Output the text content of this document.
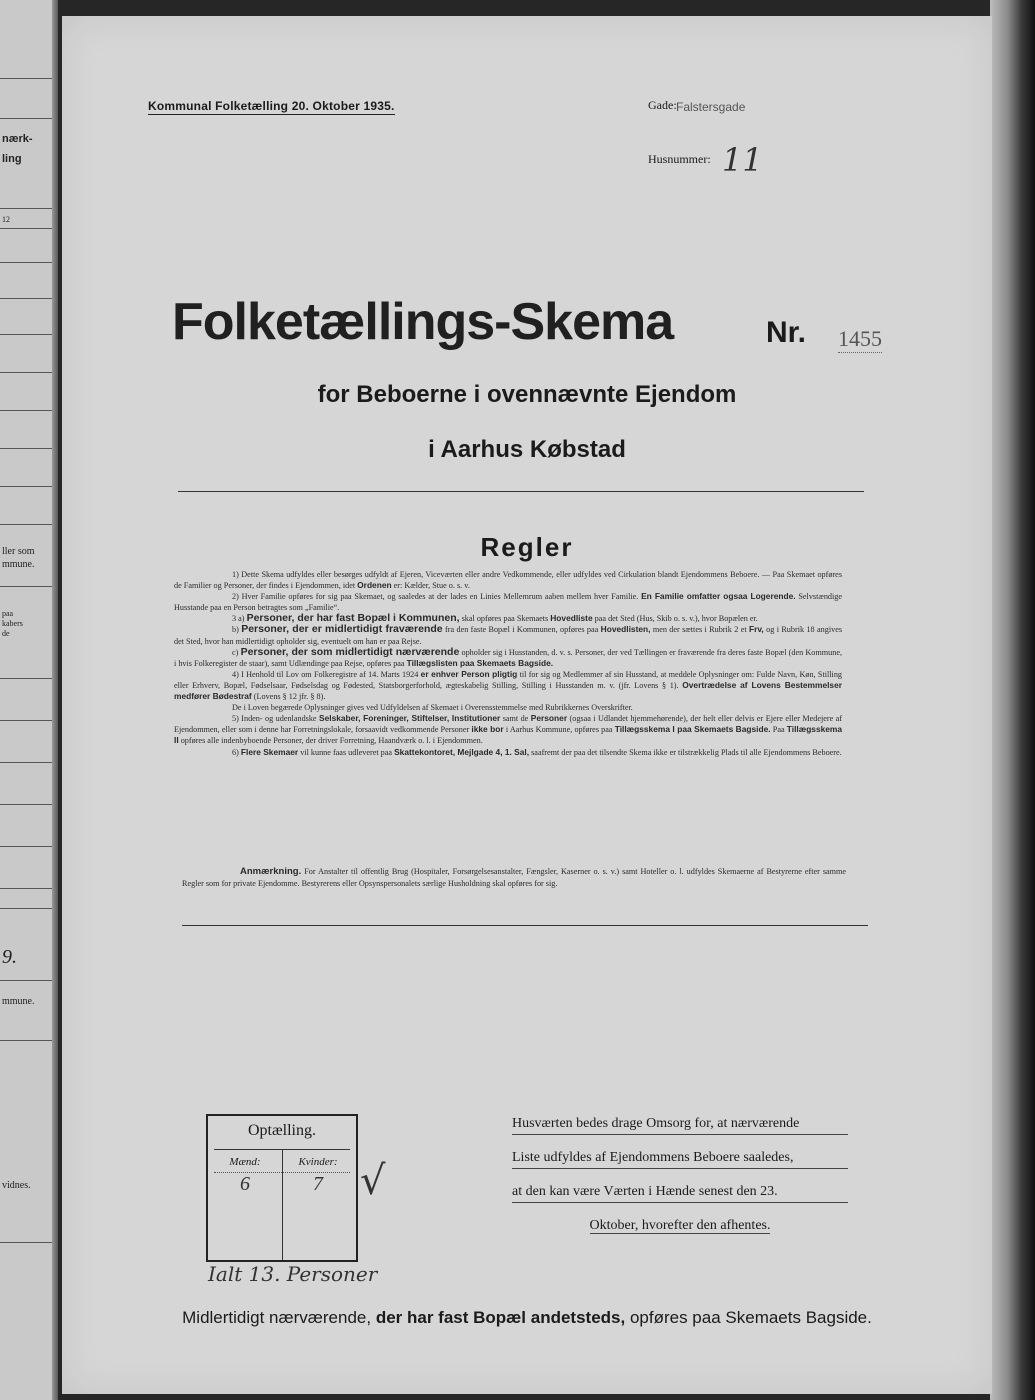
nærk-
ling
12
ller som
mmune.
paa
kabers
de
9.
mmune.
vidnes.
Kommunal Folketælling 20. Oktober 1935.	Gade: Falstersgade
Husnummer: 11
Folketællings-Skema	Nr. 1455
for Beboerne i ovennævnte Ejendom
i Aarhus Købstad
Regler

1) Dette Skema udfyldes eller besørges udfyldt af Ejeren, Viceværten eller andre Vedkommende, eller udfyldes ved Cirkulation blandt Ejendommens Beboere. — Paa Skemaet opføres de Familier og Personer, der findes i Ejendommen, idet Ordenen er: Kælder, Stue o. s. v.

2) Hver Familie opføres for sig paa Skemaet, og saaledes at der lades en Linies Mellemrum aaben mellem hver Familie. En Familie omfatter ogsaa Logerende. Selvstændige Husstande paa en Person betragtes som „Familie“.

3 a) Personer, der har fast Bopæl i Kommunen, skal opføres paa Skemaets Hovedliste paa det Sted (Hus, Skib o. s. v.), hvor Bopælen er.

b) Personer, der er midlertidigt fraværende fra den faste Bopæl i Kommunen, opføres paa Hovedlisten, men der sættes i Rubrik 2 et Frv, og i Rubrik 18 angives det Sted, hvor han midlertidigt opholder sig, eventuelt om han er paa Rejse.

c) Personer, der som midlertidigt nærværende opholder sig i Husstanden, d. v. s. Personer, der ved Tællingen er fraværende fra deres faste Bopæl (den Kommune, i hvis Folkeregister de staar), samt Udlændinge paa Rejse, opføres paa Tillægslisten paa Skemaets Bagside.

4) I Henhold til Lov om Folkeregistre af 14. Marts 1924 er enhver Person pligtig til for sig og Medlemmer af sin Husstand, at meddele Oplysninger om: Fulde Navn, Køn, Stilling eller Erhverv, Bopæl, Fødselsaar, Fødselsdag og Fødested, Statsborgerforhold, ægteskabelig Stilling, Stilling i Husstanden m. v. (jfr. Lovens § 1). Overtrædelse af Lovens Bestemmelser medfører Bødestraf (Lovens § 12 jfr. § 8).

De i Loven begærede Oplysninger gives ved Udfyldelsen af Skemaet i Overensstemmelse med Rubrikkernes Overskrifter.

5) Inden- og udenlandske Selskaber, Foreninger, Stiftelser, Institutioner samt de Personer (ogsaa i Udlandet hjemmehørende), der helt eller delvis er Ejere eller Medejere af Ejendommen, eller som i denne har Forretningslokale, forsaavidt vedkommende Personer ikke bor i Aarhus Kommune, opføres paa Tillægsskema I paa Skemaets Bagside. Paa Tillægsskema II opføres alle indenbyboende Personer, der driver Forretning, Haandværk o. l. i Ejendommen.

6) Flere Skemaer vil kunne faas udleveret paa Skattekontoret, Mejlgade 4, 1. Sal, saafremt der paa det tilsendte Skema ikke er tilstrækkelig Plads til alle Ejendommens Beboere.

Anmærkning. For Anstalter til offentlig Brug (Hospitaler, Forsørgelsesanstalter, Fængsler, Kaserner o. s. v.) samt Hoteller o. l. udfyldes Skemaerne af Bestyrerne efter samme Regler som for private Ejendomme. Bestyrerens eller Opsynspersonalets særlige Husholdning skal opføres for sig.

Optælling.
Mænd:	Kvinder:
6	7 √
Ialt 13. Personer
Husværten bedes drage Omsorg for, at nærværende
Liste udfyldes af Ejendommens Beboere saaledes,
at den kan være Værten i Hænde senest den 23.
Oktober, hvorefter den afhentes.
Midlertidigt nærværende, der har fast Bopæl andetsteds, opføres paa Skemaets Bagside.
